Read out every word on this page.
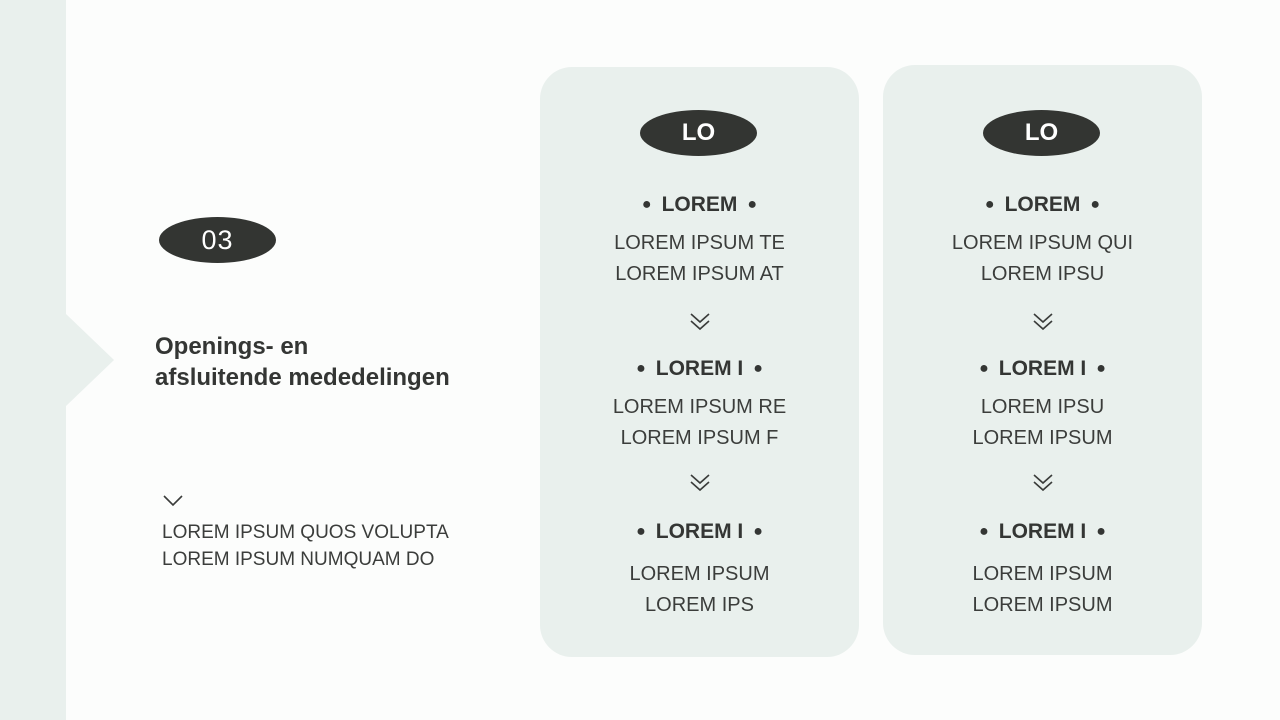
03
Openings- en
afsluitende mededelingen
LOREM IPSUM QUOS VOLUPTA
LOREM IPSUM NUMQUAM DO
LO
● LOREM ●
LOREM IPSUM TE
LOREM IPSUM AT
● LOREM I ●
LOREM IPSUM RE
LOREM IPSUM F
● LOREM I ●
LOREM IPSUM
LOREM IPS
LO
● LOREM ●
LOREM IPSUM QUI
LOREM IPSU
● LOREM I ●
LOREM IPSU
LOREM IPSUM
● LOREM I ●
LOREM IPSUM
LOREM IPSUM
